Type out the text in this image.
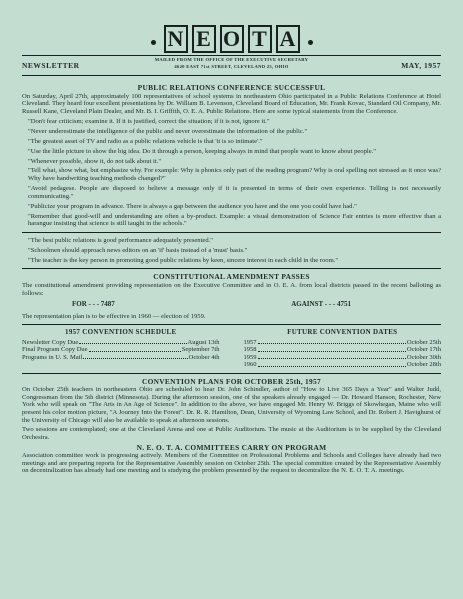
N E O T A
NEWSLETTER
MAILED FROM THE OFFICE OF THE EXECUTIVE SECRETARY
4620 EAST 71st STREET, CLEVELAND 25, OHIO	MAY, 1957
PUBLIC RELATIONS CONFERENCE SUCCESSFUL

On Saturday, April 27th, approximately 100 representatives of school systems in northeastern Ohio participated in a Public Relations Conference at Hotel Cleveland. They heard four excellent presentations by Dr. William B. Levenson, Cleveland Board of Education, Mr. Frank Kovac, Standard Oil Company, Mr. Russell Kane, Cleveland Plain Dealer, and Mr. B. I. Griffith, O. E. A. Public Relations. Here are some typical statements from the Conference.

"Don't fear criticism; examine it. If it is justified, correct the situation; if it is not, ignore it."
"Never underestimate the intelligence of the public and never overestimate the information of the public."
"The greatest asset of TV and radio as a public relations vehicle is that 'it is so intimate'."
"Use the little picture to show the big idea. Do it through a person, keeping always in mind that people want to know about people."
"Whenever possible, show it, do not talk about it."
"Tell what, show what, but emphasize why. For example: Why is phonics only part of the reading program? Why is oral spelling not stressed as it once was? Why have handwriting teaching methods changed?"
"Avoid pedagese. People are disposed to believe a message only if it is presented in terms of their own experience. Telling is not necessarily communicating."
"Publicize your program in advance. There is always a gap between the audience you have and the one you could have had."
"Remember that good-will and understanding are often a by-product. Example: a visual demonstration of Science Fair entries is more effective than a harangue insisting that science is still taught in the schools."
"The best public relations is good performance adequately presented."
"Schoolmen should approach news editors on an 'if' basis instead of a 'must' basis."
"The teacher is the key person in promoting good public relations by keen, sincere interest in each child in the room."
CONSTITUTIONAL AMENDMENT PASSES

The constitutional amendment providing representation on the Executive Committee and in O. E. A. from local districts passed in the recent balloting as follows:

FOR - - - 7487	AGAINST - - - 4751

The representation plan is to be effective in 1960 — election of 1959.

1957 CONVENTION SCHEDULE
Newsletter Copy Due	August 13th
Final Program Copy Due	September 7th
Programs in U. S. Mail	October 4th
FUTURE CONVENTION DATES
1957	October 25th
1958	October 17th
1959	October 30th
1960	October 28th
CONVENTION PLANS FOR OCTOBER 25th, 1957

On October 25th teachers in northeastern Ohio are scheduled to hear Dr. John Schindler, author of "How to Live 365 Days a Year" and Walter Judd, Congressman from the 5th district (Minnesota). During the afternoon session, one of the speakers already engaged — Dr. Howard Hanson, Rochester, New York who will speak on "The Arts in An Age of Science". In addition to the above, we have engaged Mr. Henry W. Briggs of Skowhegan, Maine who will present his color motion picture, "A Journey Into the Forest". Dr. R. R. Hamilton, Dean, University of Wyoming Law School, and Dr. Robert J. Havighurst of the University of Chicago will also be available to speak at afternoon sessions.

Two sessions are contemplated; one at the Cleveland Arena and one at Public Auditorium. The music at the Auditorium is to be supplied by the Cleveland Orchestra.

N. E. O. T. A. COMMITTEES CARRY ON PROGRAM

Association committee work is progressing actively. Members of the Committee on Professional Problems and Schools and Colleges have already had two meetings and are preparing reports for the Representative Assembly session on October 25th. The special committee created by the Representative Assembly on decentralization has already had one meeting and is studying the problem presented by the request to decentralize the N. E. O. T. A. meetings.
